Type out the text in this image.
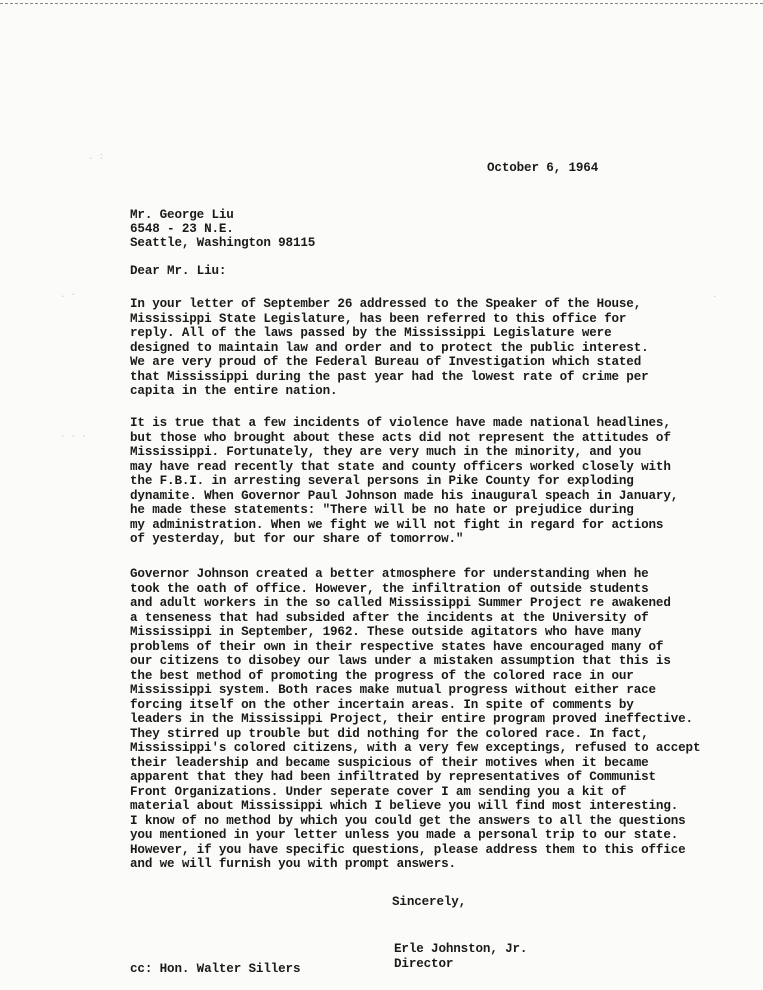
. :
. ·
. . .
·
October 6, 1964
Mr. George Liu
6548 - 23 N.E.
Seattle, Washington 98115
Dear Mr. Liu:
In your letter of September 26 addressed to the Speaker of the House,
Mississippi State Legislature, has been referred to this office for
reply. All of the laws passed by the Mississippi Legislature were
designed to maintain law and order and to protect the public interest.
We are very proud of the Federal Bureau of Investigation which stated
that Mississippi during the past year had the lowest rate of crime per
capita in the entire nation.
It is true that a few incidents of violence have made national headlines,
but those who brought about these acts did not represent the attitudes of
Mississippi. Fortunately, they are very much in the minority, and you
may have read recently that state and county officers worked closely with
the F.B.I. in arresting several persons in Pike County for exploding
dynamite. When Governor Paul Johnson made his inaugural speach in January,
he made these statements: "There will be no hate or prejudice during
my administration. When we fight we will not fight in regard for actions
of yesterday, but for our share of tomorrow."
Governor Johnson created a better atmosphere for understanding when he
took the oath of office. However, the infiltration of outside students
and adult workers in the so called Mississippi Summer Project re awakened
a tenseness that had subsided after the incidents at the University of
Mississippi in September, 1962. These outside agitators who have many
problems of their own in their respective states have encouraged many of
our citizens to disobey our laws under a mistaken assumption that this is
the best method of promoting the progress of the colored race in our
Mississippi system. Both races make mutual progress without either race
forcing itself on the other incertain areas. In spite of comments by
leaders in the Mississippi Project, their entire program proved ineffective.
They stirred up trouble but did nothing for the colored race. In fact,
Mississippi's colored citizens, with a very few exceptings, refused to accept
their leadership and became suspicious of their motives when it became
apparent that they had been infiltrated by representatives of Communist
Front Organizations. Under seperate cover I am sending you a kit of
material about Mississippi which I believe you will find most interesting.
I know of no method by which you could get the answers to all the questions
you mentioned in your letter unless you made a personal trip to our state.
However, if you have specific questions, please address them to this office
and we will furnish you with prompt answers.
Sincerely,
Erle Johnston, Jr.
Director
cc: Hon. Walter Sillers
